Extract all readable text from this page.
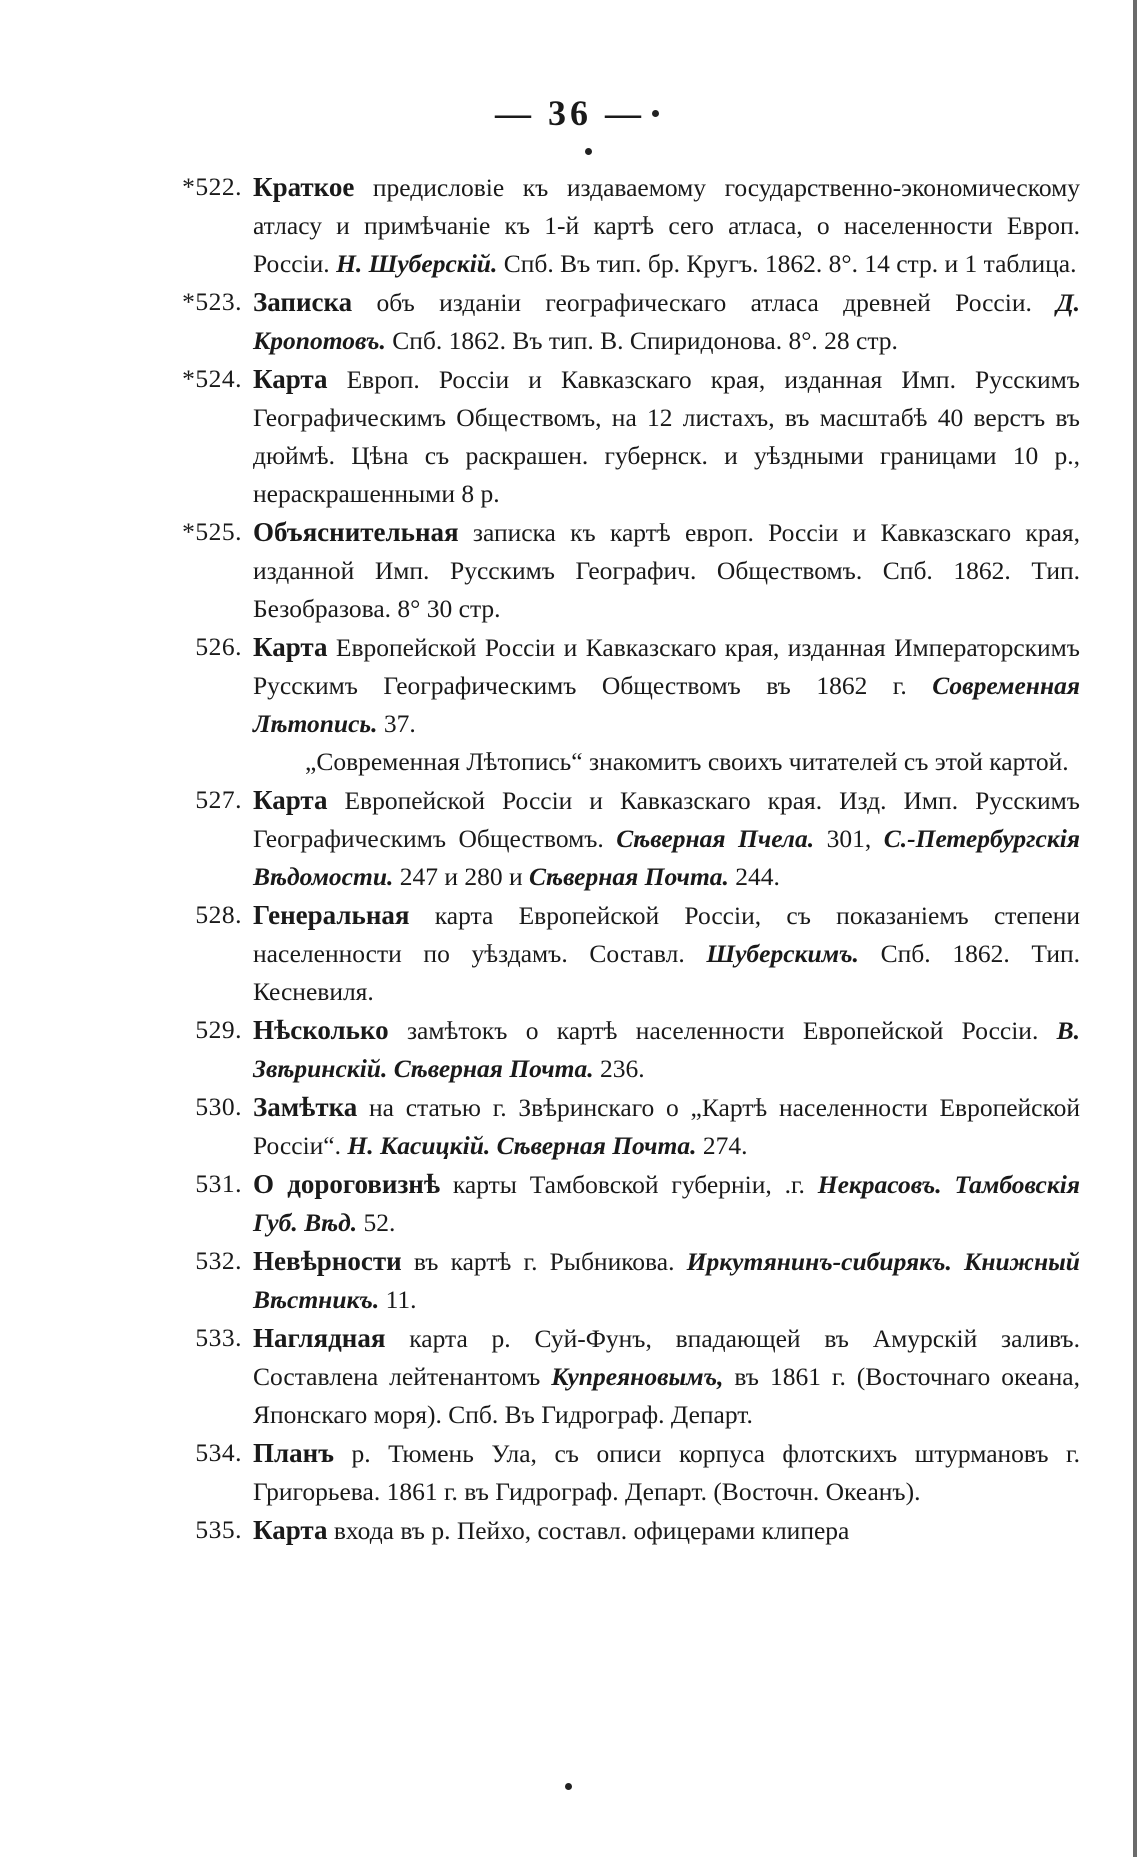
— 36 —
*522. Краткое предисловіе къ издаваемому государственно-экономическому атласу и примѣчаніе къ 1-й картѣ сего атласа, о населенности Европ. Россіи. Н. Шуберскій. Спб. Въ тип. бр. Кругъ. 1862. 8°. 14 стр. и 1 таблица.
*523. Записка объ изданіи географическаго атласа древней Россіи. Д. Кропотовъ. Спб. 1862. Въ тип. В. Спиридонова. 8°. 28 стр.
*524. Карта Европ. Россіи и Кавказскаго края, изданная Имп. Русскимъ Географическимъ Обществомъ, на 12 листахъ, въ масштабѣ 40 верстъ въ дюймѣ. Цѣна съ раскрашен. губернск. и уѣздными границами 10 р., нераскрашенными 8 р.
*525. Объяснительная записка къ картѣ европ. Россіи и Кавказскаго края, изданной Имп. Русскимъ Географич. Обществомъ. Спб. 1862. Тип. Безобразова. 8° 30 стр.
526. Карта Европейской Россіи и Кавказскаго края, изданная Императорскимъ Русскимъ Географическимъ Обществомъ въ 1862 г. Современная Лѣтопись. 37.
„Современная Лѣтопись“ знакомитъ своихъ читателей съ этой картой.
527. Карта Европейской Россіи и Кавказскаго края. Изд. Имп. Русскимъ Географическимъ Обществомъ. Сѣверная Пчела. 301, С.-Петербургскія Вѣдомости. 247 и 280 и Сѣверная Почта. 244.
528. Генеральная карта Европейской Россіи, съ показаніемъ степени населенности по уѣздамъ. Составл. Шуберскимъ. Спб. 1862. Тип. Кесневиля.
529. Нѣсколько замѣтокъ о картѣ населенности Европейской Россіи. В. Звѣринскій. Сѣверная Почта. 236.
530. Замѣтка на статью г. Звѣринскаго о „Картѣ населенности Европейской Россіи“. Н. Касицкій. Сѣверная Почта. 274.
531. О дороговизнѣ карты Тамбовской губерніи, .г. Некрасовъ. Тамбовскія Губ. Вѣд. 52.
532. Невѣрности въ картѣ г. Рыбникова. Иркутянинъ-сибирякъ. Книжный Вѣстникъ. 11.
533. Наглядная карта р. Суй-Фунъ, впадающей въ Амурскій заливъ. Составлена лейтенантомъ Купреяновымъ, въ 1861 г. (Восточнаго океана, Японскаго моря). Спб. Въ Гидрограф. Департ.
534. Планъ р. Тюмень Ула, съ описи корпуса флотскихъ штурмановъ г. Григорьева. 1861 г. въ Гидрограф. Департ. (Восточн. Океанъ).
535. Карта входа въ р. Пейхо, составл. офицерами клипера
